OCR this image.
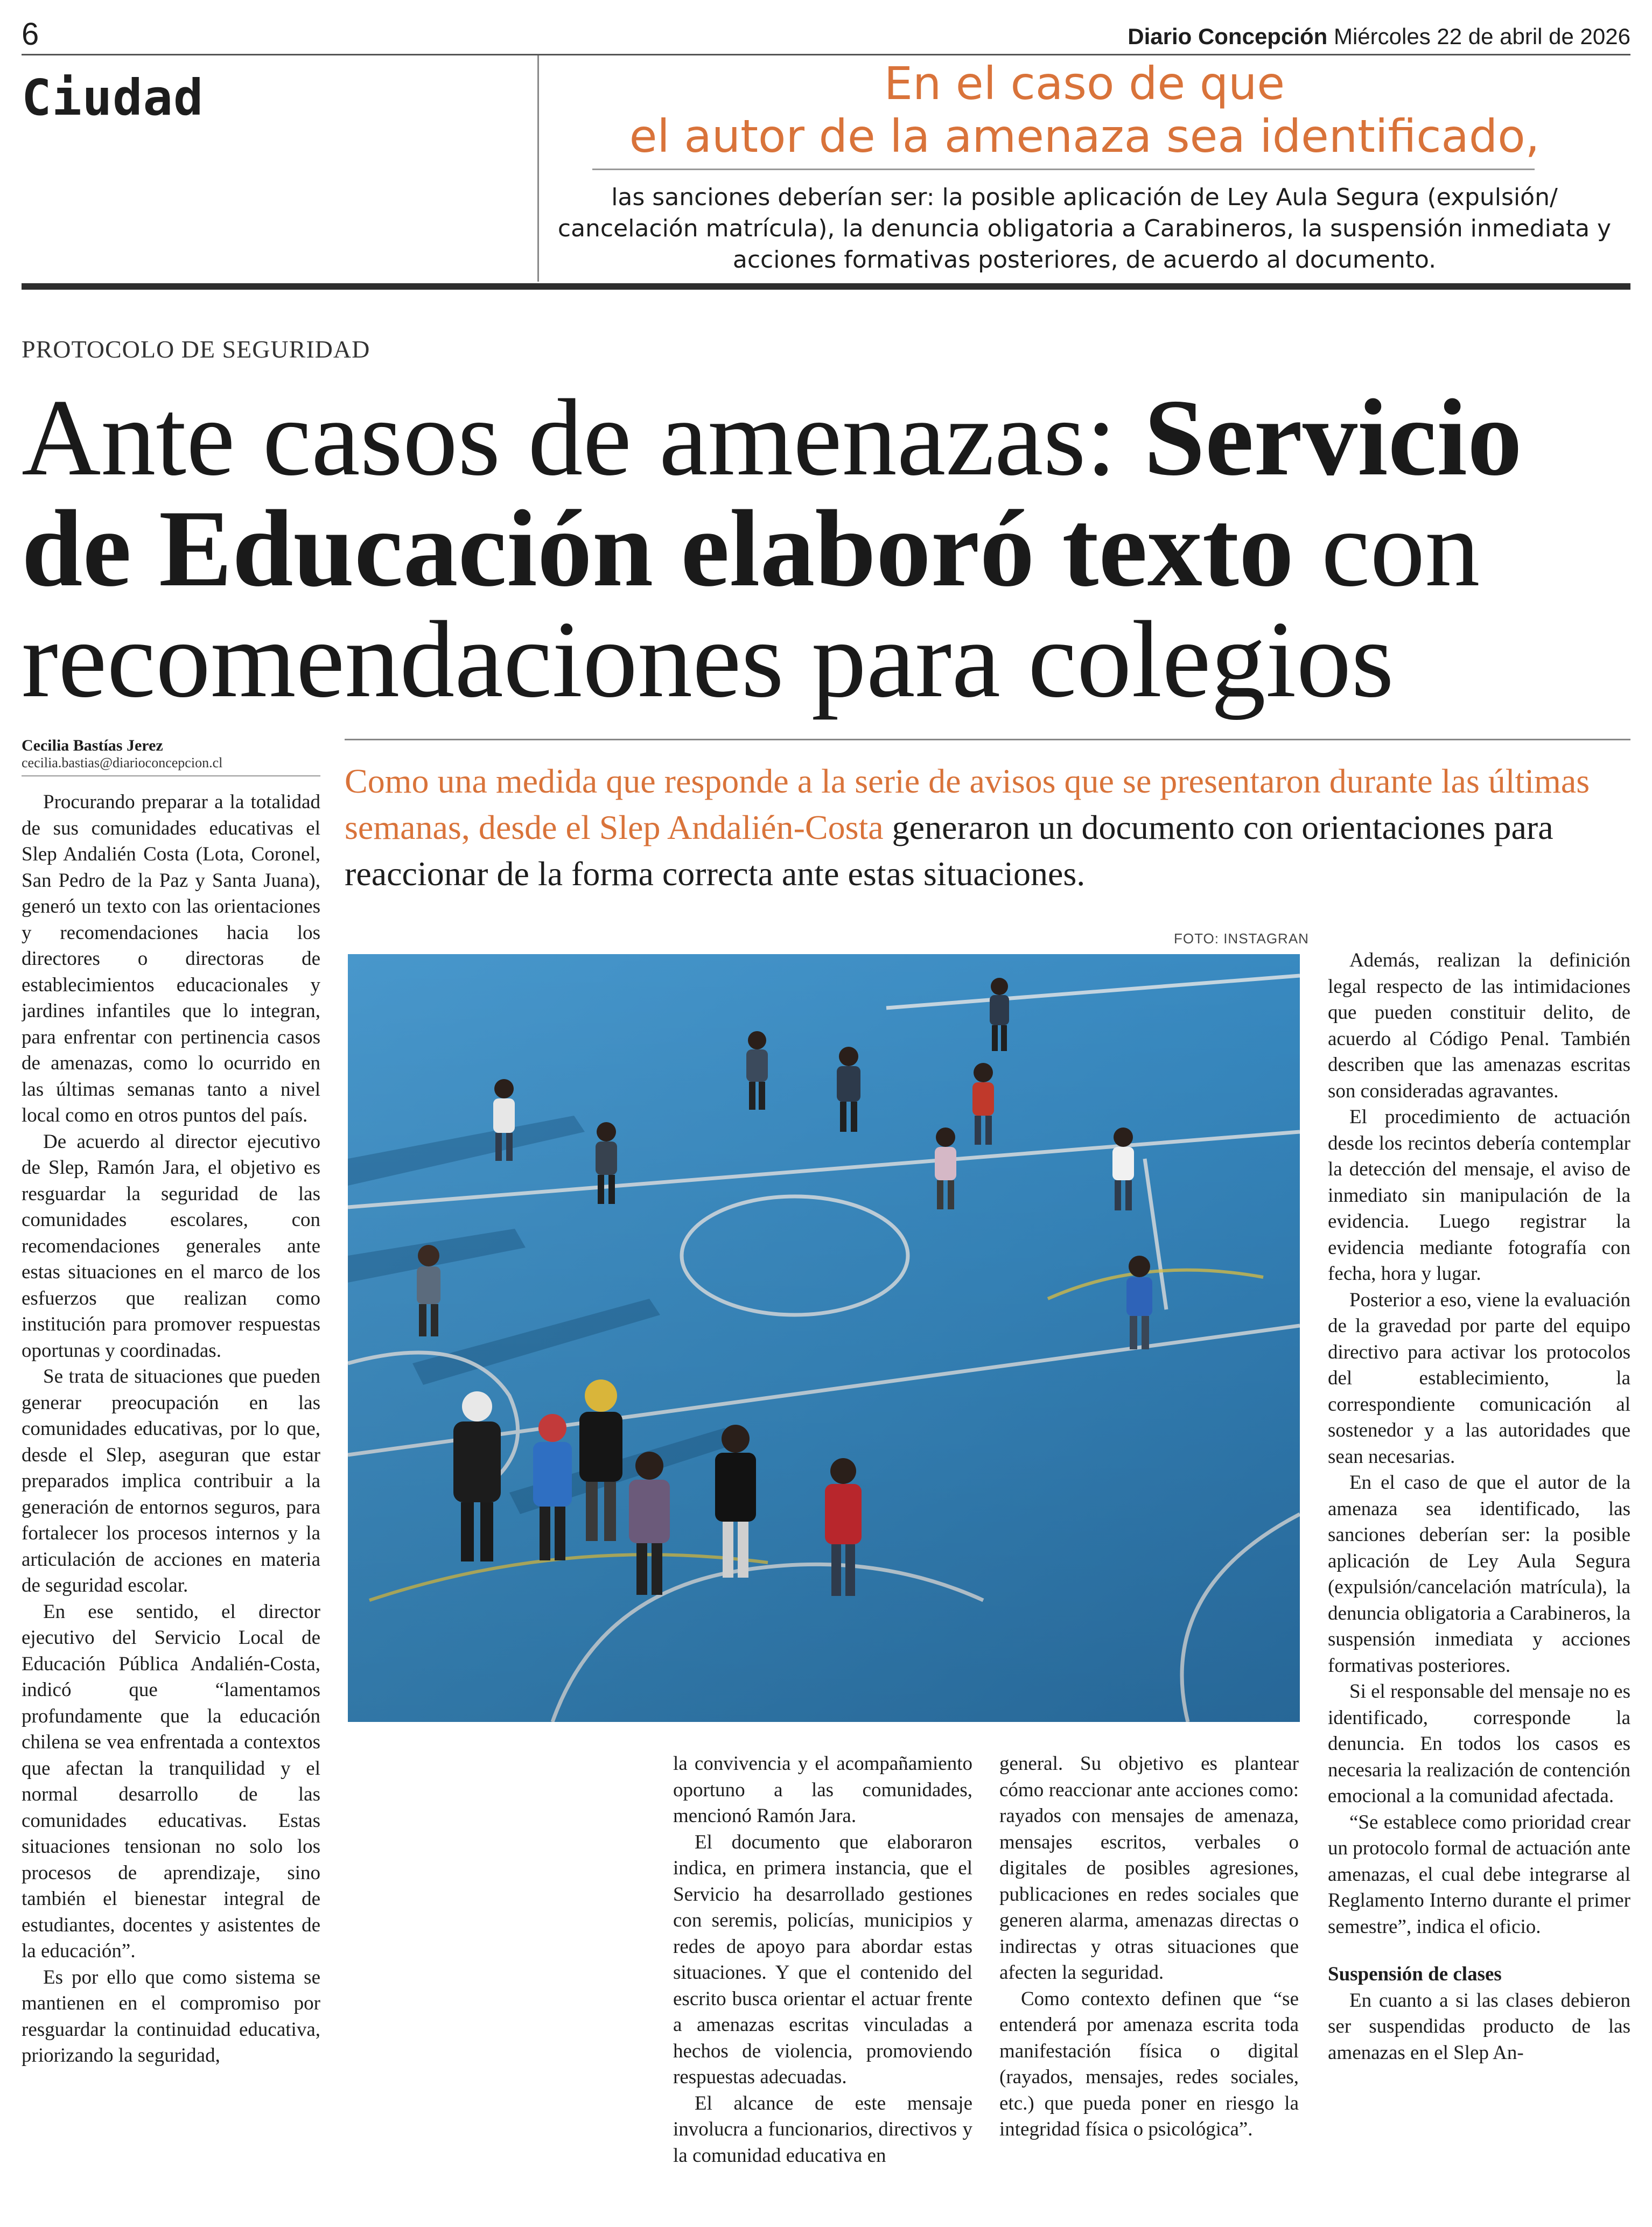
6	Diario Concepción Miércoles 22 de abril de 2026
Ciudad	En el caso de que
el autor de la amenaza sea identificado,
las sanciones deberían ser: la posible aplicación de Ley Aula Segura (expulsión/ cancelación matrícula), la denuncia obligatoria a Carabineros, la suspensión inmediata y acciones formativas posteriores, de acuerdo al documento.
PROTOCOLO DE SEGURIDAD
Ante casos de amenazas: Servicio de Educación elaboró texto con recomendaciones para colegios
Cecilia Bastías Jerez
cecilia.bastias@diarioconcepcion.cl	Como una medida que responde a la serie de avisos que se presentaron durante las últimas semanas, desde el Slep Andalién-Costa generaron un documento con orientaciones para reaccionar de la forma correcta ante estas situaciones.
FOTO: INSTAGRAN

Procurando preparar a la totalidad de sus comunidades educativas el Slep Andalién Costa (Lota, Coronel, San Pedro de la Paz y Santa Juana), generó un texto con las orientaciones y recomendaciones hacia los directores o directoras de establecimientos educacionales y jardines infantiles que lo integran, para enfrentar con pertinencia casos de amenazas, como lo ocurrido en las últimas semanas tanto a nivel local como en otros puntos del país.

De acuerdo al director ejecutivo de Slep, Ramón Jara, el objetivo es resguardar la seguridad de las comunidades escolares, con recomendaciones generales ante estas situaciones en el marco de los esfuerzos que realizan como institución para promover respuestas oportunas y coordinadas.

Se trata de situaciones que pueden generar preocupación en las comunidades educativas, por lo que, desde el Slep, aseguran que estar preparados implica contribuir a la generación de entornos seguros, para fortalecer los procesos internos y la articulación de acciones en materia de seguridad escolar.

En ese sentido, el director ejecutivo del Servicio Local de Educación Pública Andalién-Costa, indicó que “lamentamos profundamente que la educación chilena se vea enfrentada a contextos que afectan la tranquilidad y el normal desarrollo de las comunidades educativas. Estas situaciones tensionan no solo los procesos de aprendizaje, sino también el bienestar integral de estudiantes, docentes y asistentes de la educación”.

Es por ello que como sistema se mantienen en el compromiso por resguardar la continuidad educativa, priorizando la seguridad,

la convivencia y el acompañamiento oportuno a las comunidades, mencionó Ramón Jara.

El documento que elaboraron indica, en primera instancia, que el Servicio ha desarrollado gestiones con seremis, policías, municipios y redes de apoyo para abordar estas situaciones. Y que el contenido del escrito busca orientar el actuar frente a amenazas escritas vinculadas a hechos de violencia, promoviendo respuestas adecuadas.

El alcance de este mensaje involucra a funcionarios, directivos y la comunidad educativa en

general. Su objetivo es plantear cómo reaccionar ante acciones como: rayados con mensajes de amenaza, mensajes escritos, verbales o digitales de posibles agresiones, publicaciones en redes sociales que generen alarma, amenazas directas o indirectas y otras situaciones que afecten la seguridad.

Como contexto definen que “se entenderá por amenaza escrita toda manifestación física o digital (rayados, mensajes, redes sociales, etc.) que pueda poner en riesgo la integridad física o psicológica”.

Además, realizan la definición legal respecto de las intimidaciones que pueden constituir delito, de acuerdo al Código Penal. También describen que las amenazas escritas son consideradas agravantes.

El procedimiento de actuación desde los recintos debería contemplar la detección del mensaje, el aviso de inmediato sin manipulación de la evidencia. Luego registrar la evidencia mediante fotografía con fecha, hora y lugar.

Posterior a eso, viene la evaluación de la gravedad por parte del equipo directivo para activar los protocolos del establecimiento, la correspondiente comunicación al sostenedor y a las autoridades que sean necesarias.

En el caso de que el autor de la amenaza sea identificado, las sanciones deberían ser: la posible aplicación de Ley Aula Segura (expulsión/cancelación matrícula), la denuncia obligatoria a Carabineros, la suspensión inmediata y acciones formativas posteriores.

Si el responsable del mensaje no es identificado, corresponde la denuncia. En todos los casos es necesaria la realización de contención emocional a la comunidad afectada.

“Se establece como prioridad crear un protocolo formal de actuación ante amenazas, el cual debe integrarse al Reglamento Interno durante el primer semestre”, indica el oficio.

Suspensión de clases

En cuanto a si las clases debieron ser suspendidas producto de las amenazas en el Slep An-
